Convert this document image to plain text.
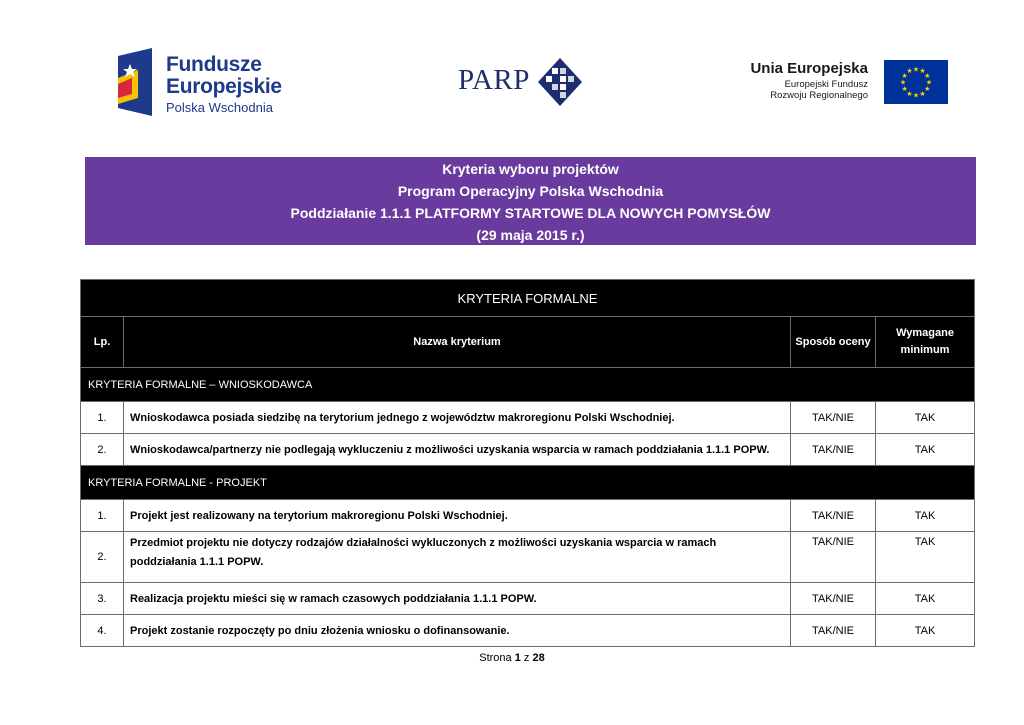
Fundusze
Europejskie
Polska Wschodnia
PARP	Unia Europejska
Europejski Fundusz
Rozwoju Regionalnego
★ ★
★
★
★
★
★
★
★
★
★
★
Kryteria wyboru projektów
Program Operacyjny Polska Wschodnia
Poddziałanie 1.1.1 PLATFORMY STARTOWE DLA NOWYCH POMYSŁÓW
(29 maja 2015 r.)
KRYTERIA FORMALNE			
Lp.	Nazwa kryterium	Sposób oceny	Wymagane minimum
KRYTERIA FORMALNE – WNIOSKODAWCA			
1.	Wnioskodawca posiada siedzibę na terytorium jednego z województw makroregionu Polski Wschodniej.	TAK/NIE	TAK
2.	Wnioskodawca/partnerzy nie podlegają wykluczeniu z możliwości uzyskania wsparcia w ramach poddziałania 1.1.1 POPW.	TAK/NIE	TAK
KRYTERIA FORMALNE - PROJEKT			
1.	Projekt jest realizowany na terytorium makroregionu Polski Wschodniej.	TAK/NIE	TAK
2.	Przedmiot projektu nie dotyczy rodzajów działalności wykluczonych z możliwości uzyskania wsparcia w ramach poddziałania 1.1.1 POPW.	TAK/NIE	TAK
3.	Realizacja projektu mieści się w ramach czasowych poddziałania 1.1.1 POPW.	TAK/NIE	TAK
4.	Projekt zostanie rozpoczęty po dniu złożenia wniosku o dofinansowanie.	TAK/NIE	TAK
Strona 1 z 28
